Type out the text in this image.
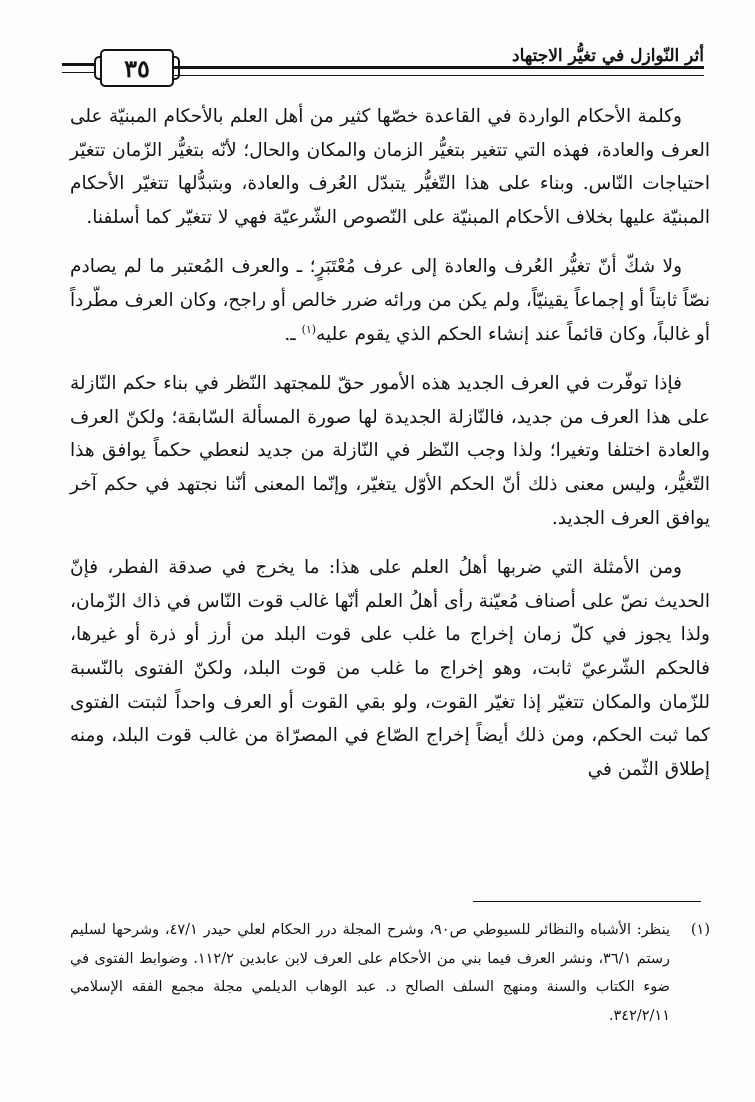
أثر النّوازل في تغيُّر الاجتهاد
٣٥

وكلمة الأحكام الواردة في القاعدة خصّها كثير من أهل العلم بالأحكام المبنيّة على العرف والعادة، فهذه التي تتغير بتغيُّر الزمان والمكان والحال؛ لأنّه بتغيُّر الزّمان تتغيّر احتياجات النّاس. وبناء على هذا التّغيُّر يتبدّل العُرف والعادة، وبتبدُّلها تتغيّر الأحكام المبنيّة عليها بخلاف الأحكام المبنيّة على النّصوص الشّرعيّة فهي لا تتغيّر كما أسلفنا.

ولا شكّ أنّ تغيُّر العُرف والعادة إلى عرف مُعْتَبَرٍ؛ ـ والعرف المُعتبر ما لم يصادم نصّاً ثابتاً أو إجماعاً يقينيّاً، ولم يكن من ورائه ضرر خالص أو راجح، وكان العرف مطّرداً أو غالباً، وكان قائماً عند إنشاء الحكم الذي يقوم عليه$^{(١)}$ ـ.

فإذا توفّرت في العرف الجديد هذه الأمور حقّ للمجتهد النّظر في بناء حكم النّازلة على هذا العرف من جديد، فالنّازلة الجديدة لها صورة المسألة السّابقة؛ ولكنّ العرف والعادة اختلفا وتغيرا؛ ولذا وجب النّظر في النّازلة من جديد لنعطي حكماً يوافق هذا التّغيُّر، وليس معنى ذلك أنّ الحكم الأوّل يتغيّر، وإنّما المعنى أنّنا نجتهد في حكم آخر يوافق العرف الجديد.

ومن الأمثلة التي ضربها أهلُ العلم على هذا: ما يخرج في صدقة الفطر، فإنّ الحديث نصّ على أصناف مُعيّنة رأى أهلُ العلم أنّها غالب قوت النّاس في ذاك الزّمان، ولذا يجوز في كلّ زمان إخراج ما غلب على قوت البلد من أرز أو ذرة أو غيرها، فالحكم الشّرعيّ ثابت، وهو إخراج ما غلب من قوت البلد، ولكنّ الفتوى بالنّسبة للزّمان والمكان تتغيّر إذا تغيّر القوت، ولو بقي القوت أو العرف واحداً لثبتت الفتوى كما ثبت الحكم، ومن ذلك أيضاً إخراج الصّاع في المصرّاة من غالب قوت البلد، ومنه إطلاق الثّمن في

(١)
ينظر: الأشباه والنظائر للسيوطي ص٩٠، وشرح المجلة درر الحكام لعلي حيدر ٤٧/١، وشرحها لسليم رستم ٣٦/١، ونشر العرف فيما بني من الأحكام على العرف لابن عابدين ١١٢/٢. وضوابط الفتوى في ضوء الكتاب والسنة ومنهج السلف الصالح د. عبد الوهاب الديلمي مجلة مجمع الفقه الإسلامي ٣٤٢/٢/١١.
